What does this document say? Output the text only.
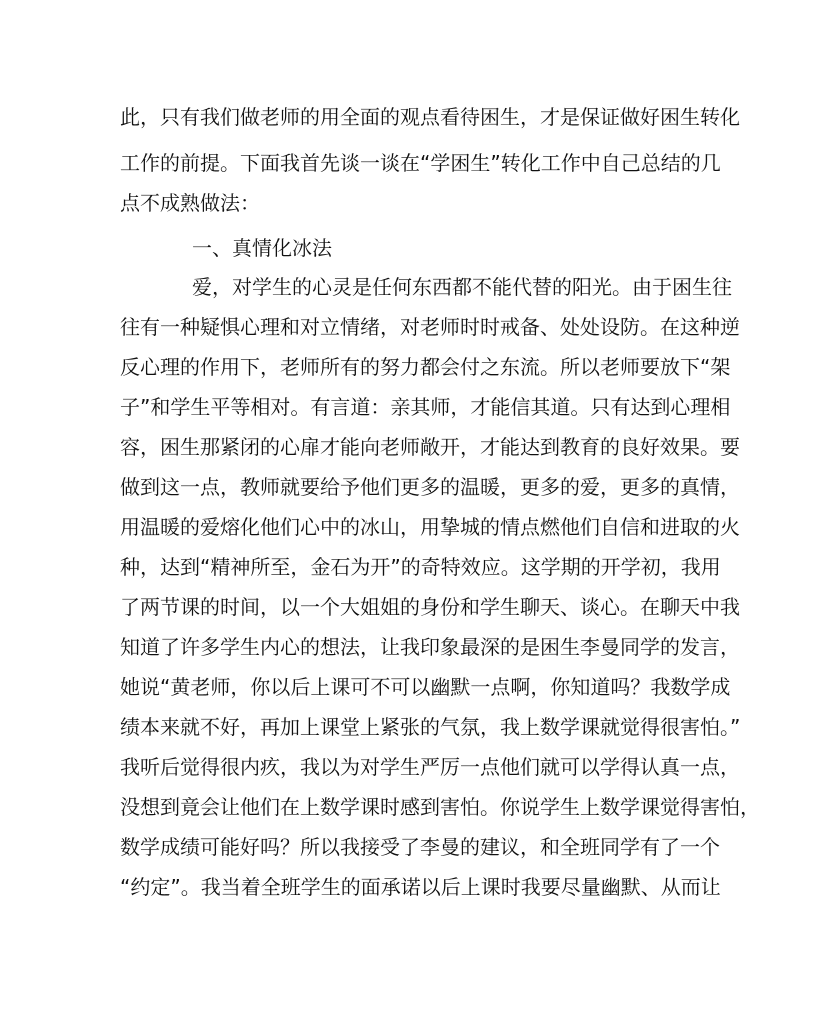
此，只有我们做老师的用全面的观点看待困生，才是保证做好困生转化
工作的前提。下面我首先谈一谈在“学困生”转化工作中自己总结的几
点不成熟做法：
一、真情化冰法
爱，对学生的心灵是任何东西都不能代替的阳光。由于困生往
往有一种疑惧心理和对立情绪，对老师时时戒备、处处设防。在这种逆
反心理的作用下，老师所有的努力都会付之东流。所以老师要放下“架
子”和学生平等相对。有言道：亲其师，才能信其道。只有达到心理相
容，困生那紧闭的心扉才能向老师敞开，才能达到教育的良好效果。要
做到这一点，教师就要给予他们更多的温暖，更多的爱，更多的真情，
用温暖的爱熔化他们心中的冰山，用挚城的情点燃他们自信和进取的火
种，达到“精神所至，金石为开”的奇特效应。这学期的开学初，我用
了两节课的时间，以一个大姐姐的身份和学生聊天、谈心。在聊天中我
知道了许多学生内心的想法，让我印象最深的是困生李曼同学的发言，
她说“黄老师，你以后上课可不可以幽默一点啊，你知道吗？我数学成
绩本来就不好，再加上课堂上紧张的气氛，我上数学课就觉得很害怕。”
我听后觉得很内疚，我以为对学生严厉一点他们就可以学得认真一点，
没想到竟会让他们在上数学课时感到害怕。你说学生上数学课觉得害怕，
数学成绩可能好吗？所以我接受了李曼的建议，和全班同学有了一个
“约定”。我当着全班学生的面承诺以后上课时我要尽量幽默、从而让
